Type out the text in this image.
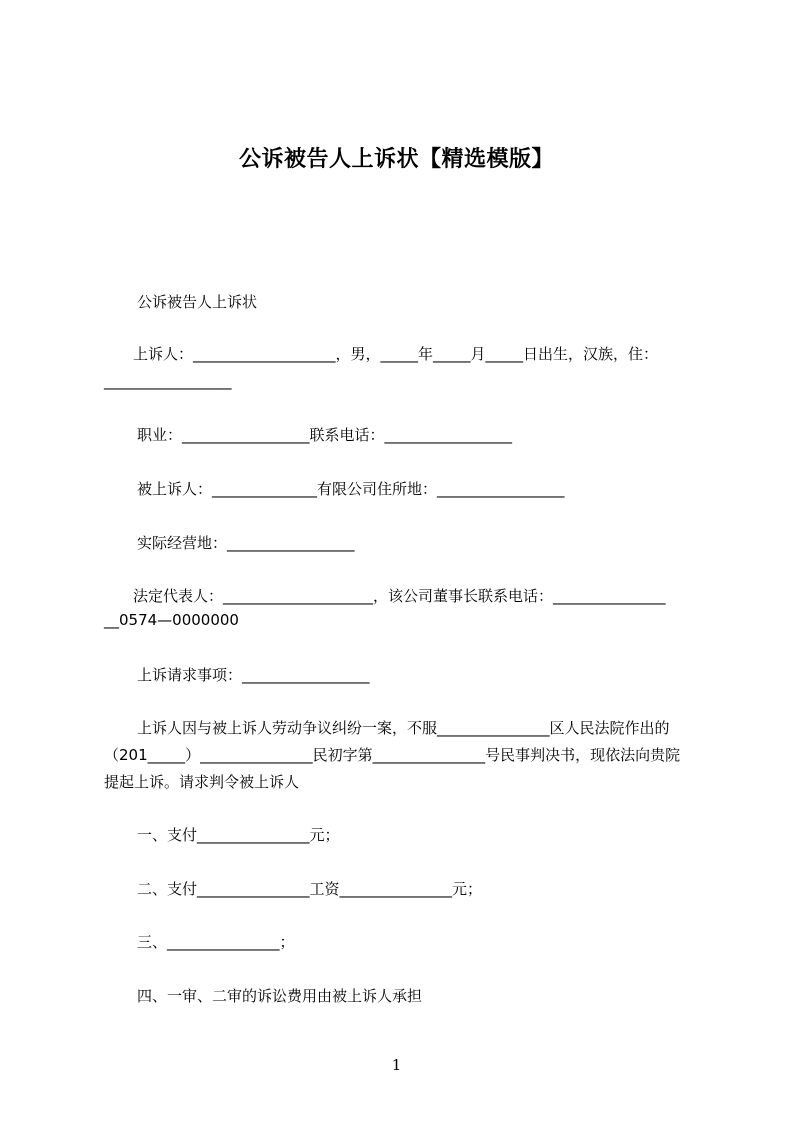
公诉被告人上诉状【精选模版】
公诉被告人上诉状
上诉人：___________________，男，_____年_____月_____日出生，汉族，住：
_________________
职业：_________________联系电话：_________________
被上诉人：______________有限公司住所地：_________________
实际经营地：_________________
法定代表人：____________________，该公司董事长联系电话：_______________
__0574—0000000
上诉请求事项：_________________
上诉人因与被上诉人劳动争议纠纷一案，不服_______________区人民法院作出的
（201_____）_______________民初字第_______________号民事判决书，现依法向贵院
提起上诉。请求判令被上诉人
一、支付_______________元；
二、支付_______________工资_______________元；
三、_______________；
四、一审、二审的诉讼费用由被上诉人承担
1
